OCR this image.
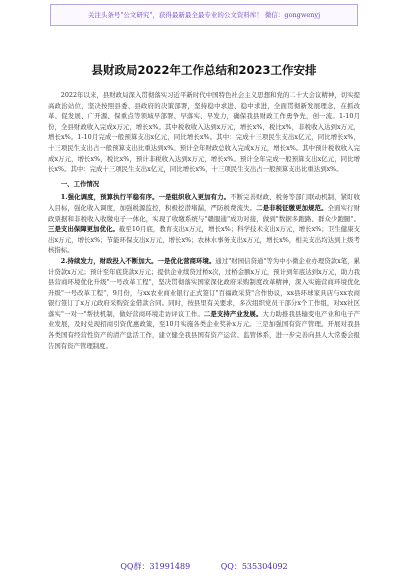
关注头条号"公文研究"，获得最新最全最专业的公文资料库！ 微信：gongwenyj
县财政局2022年工作总结和2023工作安排

2022年以来，县财政局深入贯彻落实习近平新时代中国特色社会主义思想和党的二十大会议精神，切实提高政治站位，坚决按照县委、县政府的决策部署，坚持稳中求进、稳中求进，全面贯彻新发展理念，在抓改革、促发展、广开源、保重点等领域早部署、早落实、早发力，确保我县财政工作勇争先，创一流。1-10月份，全县财政收入完成x万元，增长x%。其中税收收入达到x万元，增长x%，税比x%，非税收入达到x万元，增长x%。1-10月完成一般预算支出x亿元，同比增长x%。其中：完成十三项民生支出x亿元，同比增长x%，十三项民生支出占一般预算支出比重达到x%。预计全年财政总收入完成x万元，增长x%。其中预计税收收入完成x万元，增长x%，税比x%，预计非税收入达到x万元，增长x%。预计全年完成一般预算支出x亿元，同比增长x%。其中：完成十三项民生支出x亿元，同比增长x%，十三项民生支出占一般预算支出比重达到x%。

一、工作情况

1.强化调度，预算执行平稳有序。一是组织收入更加有力。不断完善财政、税务等部门联动机制，紧盯收入目标，强化收入调度，加强税源监控，积极挖潜堵漏，严防税费流失。二是非税征缴更加规范。全面实行财政票据和非税收入收缴电子一体化，实现了收缴系统与"赣服通"成功对接，做到"数据多跑路、群众少跑腿"。三是支出保障更加优化。截至10月底，教育支出x万元，增长x%；科学技术支出x万元，增长x%；卫生健康支出x万元，增长x%；节能环保支出x万元，增长x%；农林水事务支出x万元，增长x%，相关支出均达到上级考核指标。

2.持续发力，财政投入不断加大。一是优化营商环境。通过"财园信贷通"等为中小微企业办理贷款x笔，累计贷款x万元；预计至年底贷款x万元；提供企业续贷过桥x次，过桥金额x万元，预计到年底达到x万元，助力我县营商环境优化升级"一号改革工程"，坚决贯彻落实国家深化政府采购制度改革精神，深入实施营商环境优化升级"一号改革工程"，9月份，与xx农业商业银行正式签订"百福政采贷"合作协议，xx县环球家具店与xx农商银行签订了x万元政府采购资金借款合同。同时，按县里有关要求，多次组织党员干部分x个工作组，对xx社区落实"一对一"帮扶机制，做好营商环境走访评议工作。二是支持产业发展。大力助推我县输变电产业和电子产业发展，及时兑现招商引资优惠政策，至10月实施各类企业奖补x万元。三是加强国有资产管理。开展对我县各类国有经营性资产的清产盘活工作，建立健全我县国有资产运营、监管体系，进一步完善向县人大常委会报告国有资产管理制度。

QQ群：31991489	QQ：535304092
